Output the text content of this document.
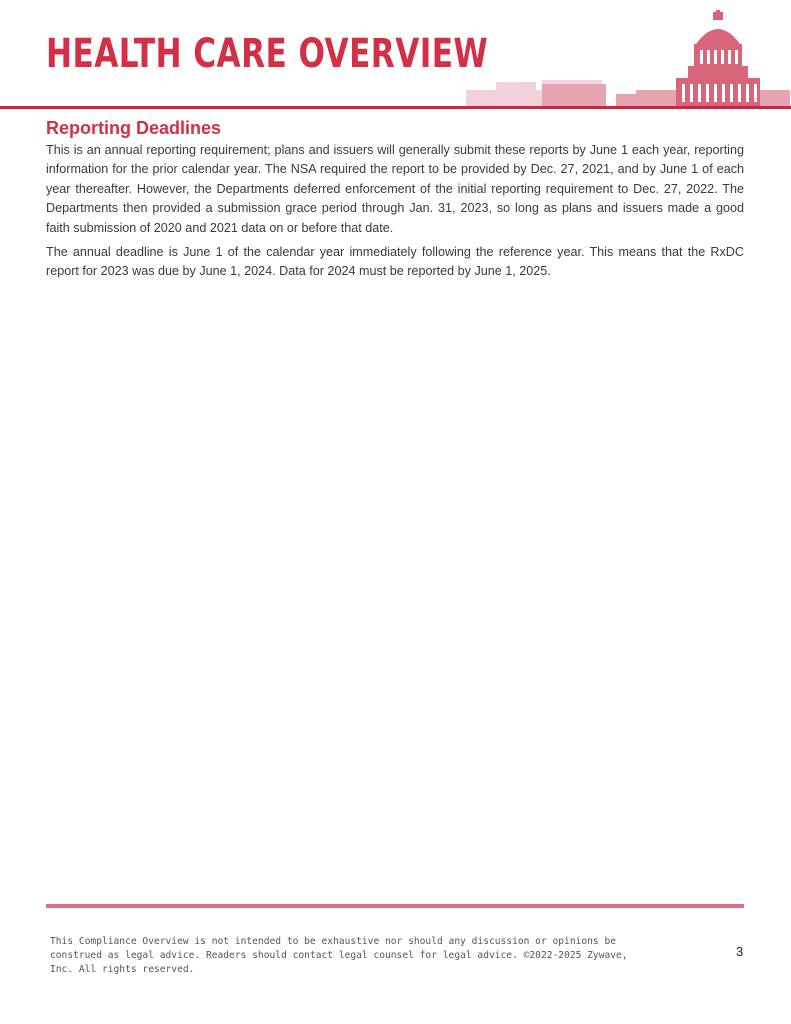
HEALTH CARE OVERVIEW
Reporting Deadlines

This is an annual reporting requirement; plans and issuers will generally submit these reports by June 1 each year, reporting information for the prior calendar year. The NSA required the report to be provided by Dec. 27, 2021, and by June 1 of each year thereafter. However, the Departments deferred enforcement of the initial reporting requirement to Dec. 27, 2022. The Departments then provided a submission grace period through Jan. 31, 2023, so long as plans and issuers made a good faith submission of 2020 and 2021 data on or before that date.

The annual deadline is June 1 of the calendar year immediately following the reference year. This means that the RxDC report for 2023 was due by June 1, 2024. Data for 2024 must be reported by June 1, 2025.

This Compliance Overview is not intended to be exhaustive nor should any discussion or opinions be construed as legal advice. Readers should contact legal counsel for legal advice. ©2022-2025 Zywave, Inc. All rights reserved.

3
